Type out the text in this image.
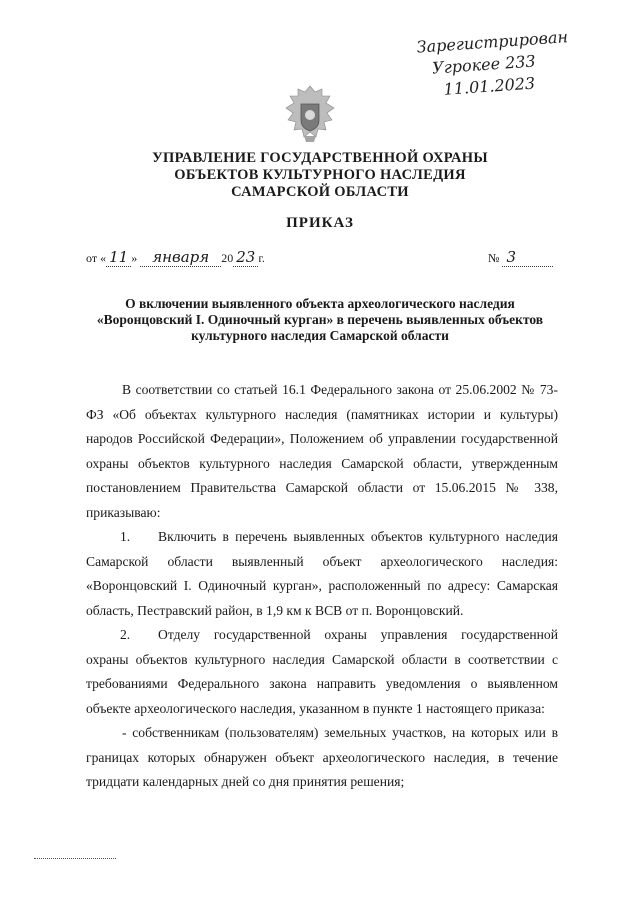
Зарегистрирован
Угрокее 233
11.01.2023
УПРАВЛЕНИЕ ГОСУДАРСТВЕННОЙ ОХРАНЫ
ОБЪЕКТОВ КУЛЬТУРНОГО НАСЛЕДИЯ
САМАРСКОЙ ОБЛАСТИ
ПРИКАЗ
от « 11 » января 20 23 г.	№ 3
О включении выявленного объекта археологического наследия
«Воронцовский I. Одиночный курган» в перечень выявленных объектов
культурного наследия Самарской области

В соответствии со статьей 16.1 Федерального закона от 25.06.2002 № 73-ФЗ «Об объектах культурного наследия (памятниках истории и культуры) народов Российской Федерации», Положением об управлении государственной охраны объектов культурного наследия Самарской области, утвержденным постановлением Правительства Самарской области от 15.06.2015 № 338, приказываю:

1. Включить в перечень выявленных объектов культурного наследия Самарской области выявленный объект археологического наследия: «Воронцовский I. Одиночный курган», расположенный по адресу: Самарская область, Пестравский район, в 1,9 км к ВСВ от п. Воронцовский.

2. Отделу государственной охраны управления государственной охраны объектов культурного наследия Самарской области в соответствии с требованиями Федерального закона направить уведомления о выявленном объекте археологического наследия, указанном в пункте 1 настоящего приказа:

- собственникам (пользователям) земельных участков, на которых или в границах которых обнаружен объект археологического наследия, в течение тридцати календарных дней со дня принятия решения;
